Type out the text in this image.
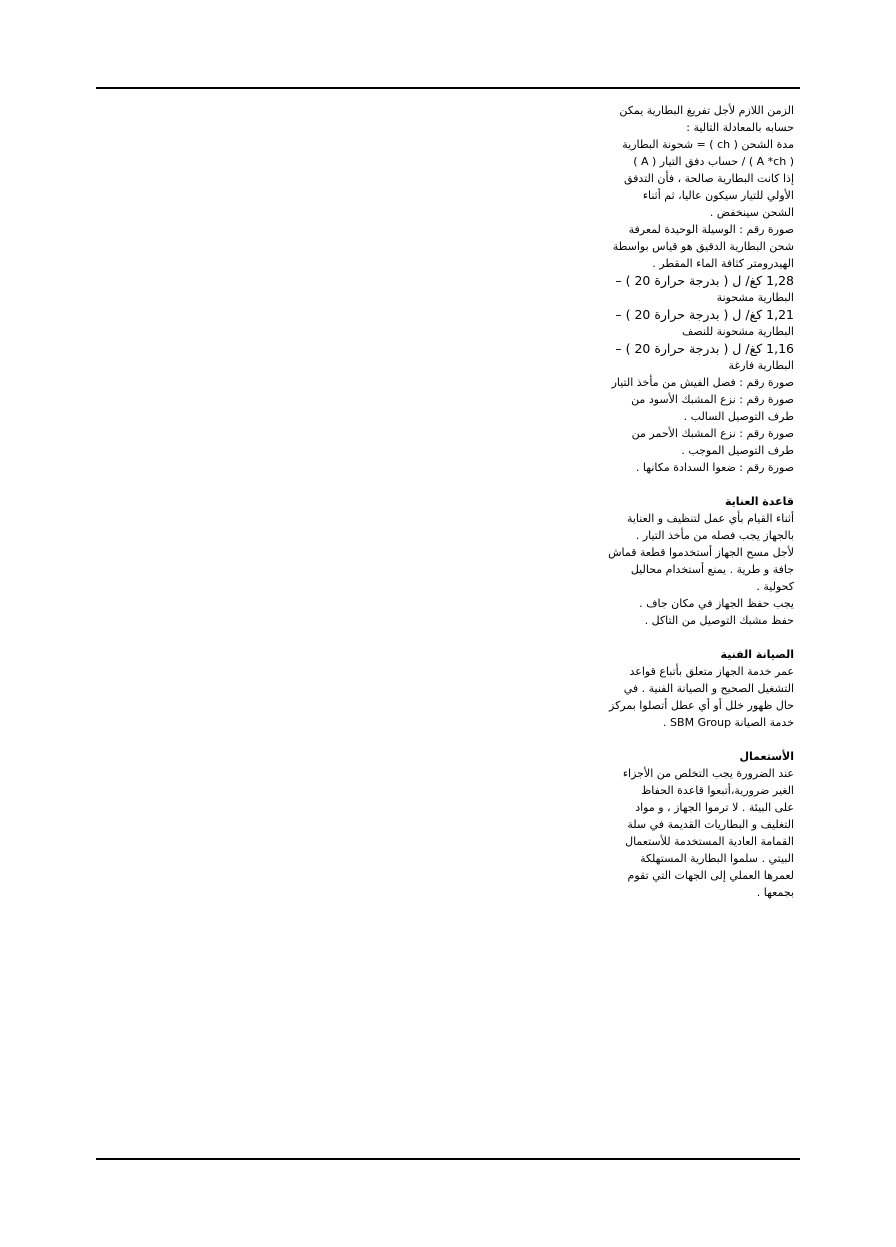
الزمن اللازم لأجل تفريغ البطارية يمكن
حسابه بالمعادلة التالية :
مدة الشحن ( ch ) = شحونة البطارية
( A *ch ) / حساب دفق التيار ( A )
إذا كانت البطارية صالحة ، فأن التدفق
الأولي للتيار سيكون عاليا، ثم أثناء
الشحن سينخفض .
صورة رقم : الوسيلة الوحيدة لمعرفة
شحن البطارية الدقيق هو قياس بواسطة
الهيدرومتر كثافة الماء المقطر .
1,28 كغ/ ل ( بدرجة حرارة 20 ) –
البطارية مشحونة
1,21 كغ/ ل ( بدرجة حرارة 20 ) –
البطارية مشحونة للنصف
1,16 كغ/ ل ( بدرجة حرارة 20 ) –
البطارية فارغة
صورة رقم : فصل الفيش من مأخذ التيار
صورة رقم : نزع المشبك الأسود من
طرف التوصيل السالب .
صورة رقم : نزع المشبك الأحمر من
طرف التوصيل الموجب .
صورة رقم : ضعوا السدادة مكانها .
قاعدة العناية
أثناء القيام بأي عمل لتنظيف و العناية
بالجهاز يجب فصله من مأخذ التيار .
لأجل مسح الجهاز أستخدموا قطعة قماش
جافة و طرية . يمنع أستخدام محاليل
كحولية .
يجب حفظ الجهاز في مكان جاف .
حفظ مشبك التوصيل من التاكل .
الصيانة الفنية
عمر خدمة الجهاز متعلق بأتباع قواعد
التشغيل الصحيح و الصيانة الفنية . في
حال ظهور خلل أو أي عطل أتصلوا بمركز
خدمة الصيانة SBM Group .
الأستعمال
عند الضرورة يجب التخلص من الأجزاء
الغير ضرورية،أتبعوا قاعدة الحفاظ
على البيئة . لا ترموا الجهاز ، و مواد
التغليف و البطاريات القديمة في سلة
القمامة العادية المستخدمة للأستعمال
البيتي . سلموا البطارية المستهلكة
لعمرها العملي إلى الجهات التي تقوم
بجمعها .
